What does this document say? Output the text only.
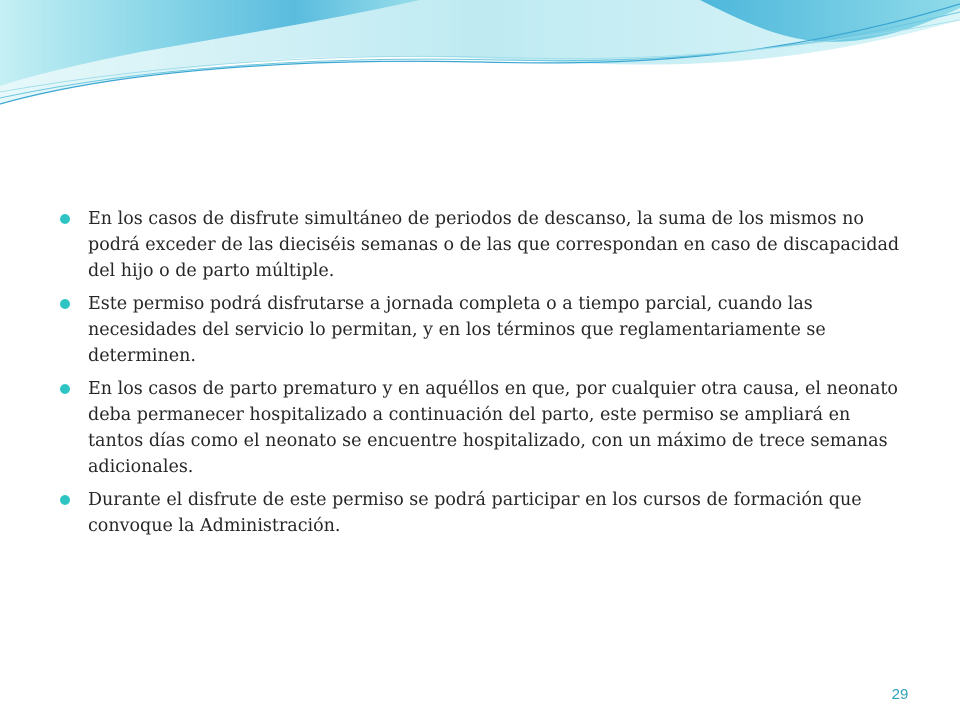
En los casos de disfrute simultáneo de periodos de descanso, la suma de los mismos no podrá exceder de las dieciséis semanas o de las que correspondan en caso de discapacidad del hijo o de parto múltiple.
Este permiso podrá disfrutarse a jornada completa o a tiempo parcial, cuando las necesidades del servicio lo permitan, y en los términos que reglamentariamente se determinen.
En los casos de parto prematuro y en aquéllos en que, por cualquier otra causa, el neonato deba permanecer hospitalizado a continuación del parto, este permiso se ampliará en tantos días como el neonato se encuentre hospitalizado, con un máximo de trece semanas adicionales.
Durante el disfrute de este permiso se podrá participar en los cursos de formación que convoque la Administración.
29
